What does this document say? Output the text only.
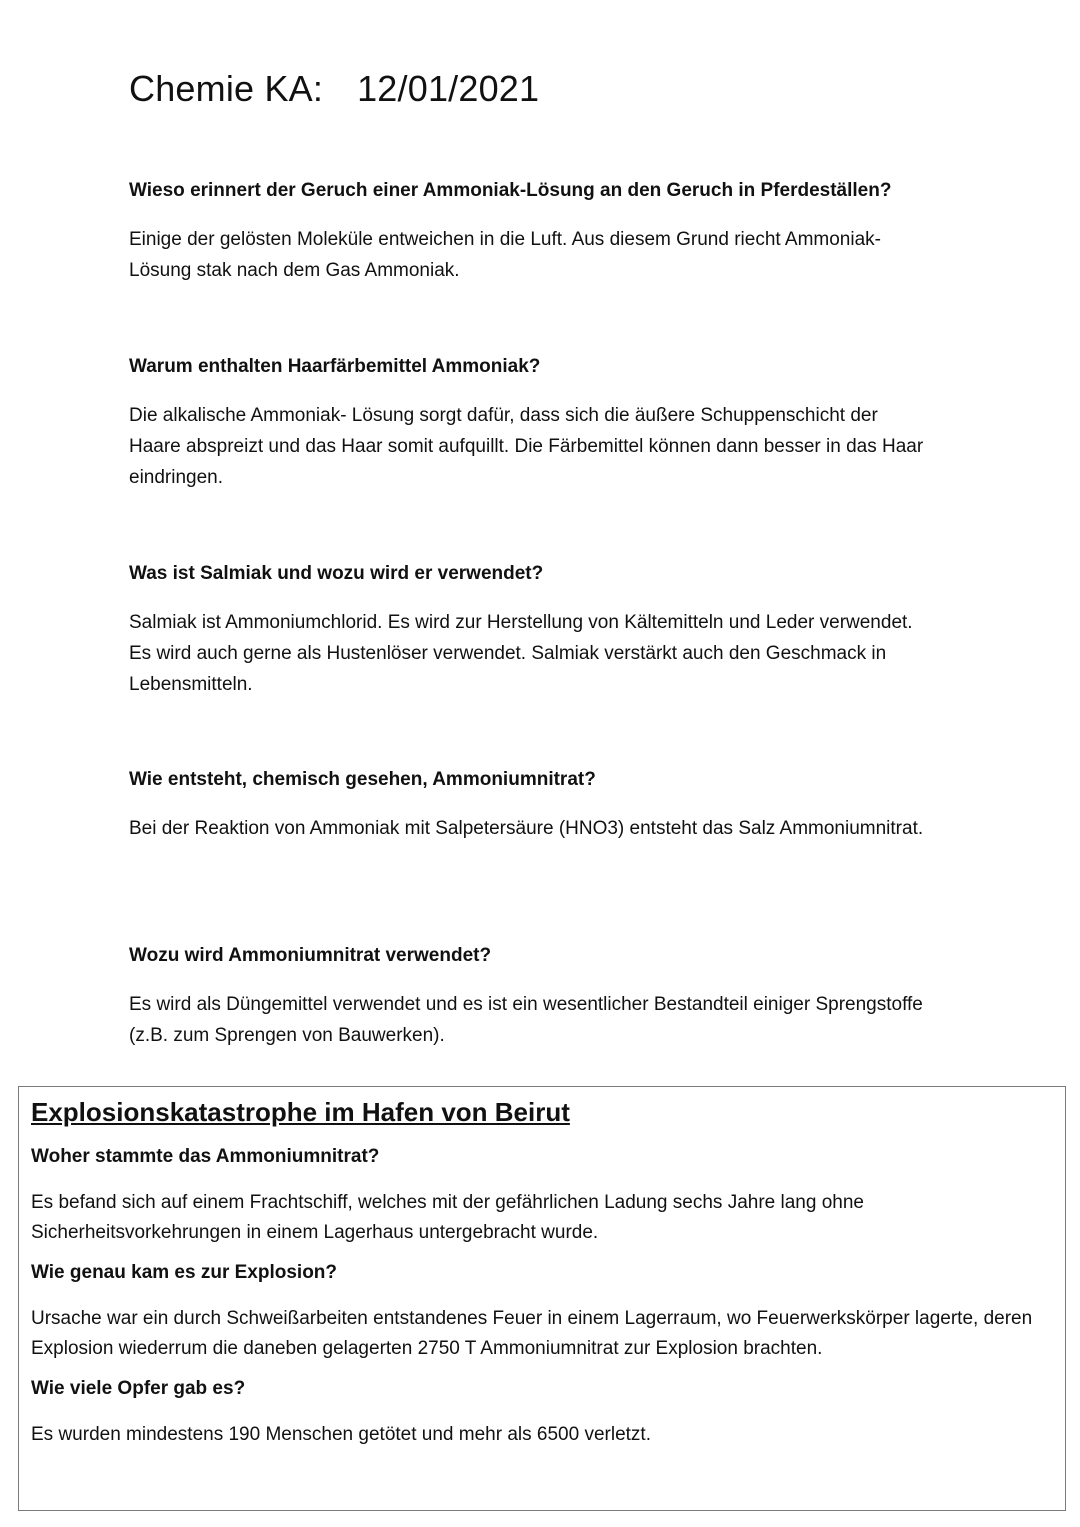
Chemie KA: 12/01/2021

Wieso erinnert der Geruch einer Ammoniak-Lösung an den Geruch in Pferdeställen?

Einige der gelösten Moleküle entweichen in die Luft. Aus diesem Grund riecht Ammoniak-Lösung stak nach dem Gas Ammoniak.

Warum enthalten Haarfärbemittel Ammoniak?

Die alkalische Ammoniak- Lösung sorgt dafür, dass sich die äußere Schuppenschicht der Haare abspreizt und das Haar somit aufquillt. Die Färbemittel können dann besser in das Haar eindringen.

Was ist Salmiak und wozu wird er verwendet?

Salmiak ist Ammoniumchlorid. Es wird zur Herstellung von Kältemitteln und Leder verwendet. Es wird auch gerne als Hustenlöser verwendet. Salmiak verstärkt auch den Geschmack in Lebensmitteln.

Wie entsteht, chemisch gesehen, Ammoniumnitrat?

Bei der Reaktion von Ammoniak mit Salpetersäure (HNO3) entsteht das Salz Ammoniumnitrat.

Wozu wird Ammoniumnitrat verwendet?

Es wird als Düngemittel verwendet und es ist ein wesentlicher Bestandteil einiger Sprengstoffe (z.B. zum Sprengen von Bauwerken).

Explosionskatastrophe im Hafen von Beirut

Woher stammte das Ammoniumnitrat?

Es befand sich auf einem Frachtschiff, welches mit der gefährlichen Ladung sechs Jahre lang ohne Sicherheitsvorkehrungen in einem Lagerhaus untergebracht wurde.

Wie genau kam es zur Explosion?

Ursache war ein durch Schweißarbeiten entstandenes Feuer in einem Lagerraum, wo Feuerwerkskörper lagerte, deren Explosion wiederrum die daneben gelagerten 2750 T Ammoniumnitrat zur Explosion brachten.

Wie viele Opfer gab es?

Es wurden mindestens 190 Menschen getötet und mehr als 6500 verletzt.
